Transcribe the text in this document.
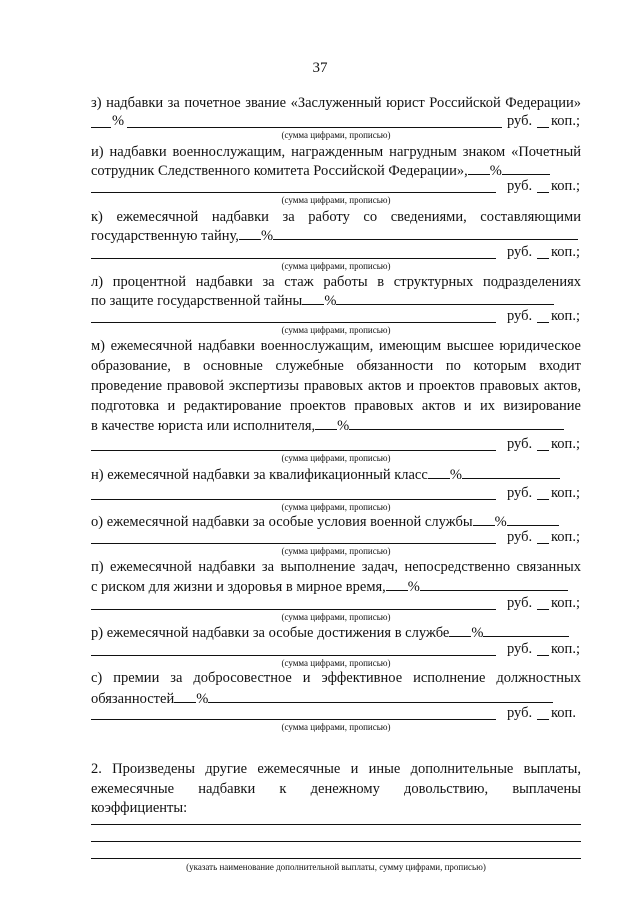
37
з) надбавки за почетное звание «Заслуженный юрист Российской Федерации»
%	руб. коп.;
(сумма цифрами, прописью)
и) надбавки военнослужащим, награжденным нагрудным знаком «Почетный
сотрудник Следственного комитета Российской Федерации», %
руб. коп.;
(сумма цифрами, прописью)
к) ежемесячной надбавки за работу со сведениями, составляющими
государственную тайну, %
руб. коп.;
(сумма цифрами, прописью)
л) процентной надбавки за стаж работы в структурных подразделениях
по защите государственной тайны %
руб. коп.;
(сумма цифрами, прописью)
м) ежемесячной надбавки военнослужащим, имеющим высшее юридическое
образование, в основные служебные обязанности по которым входит
проведение правовой экспертизы правовых актов и проектов правовых актов,
подготовка и редактирование проектов правовых актов и их визирование
в качестве юриста или исполнителя, %
руб. коп.;
(сумма цифрами, прописью)
н) ежемесячной надбавки за квалификационный класс %
руб. коп.;
(сумма цифрами, прописью)
о) ежемесячной надбавки за особые условия военной службы %
руб. коп.;
(сумма цифрами, прописью)
п) ежемесячной надбавки за выполнение задач, непосредственно связанных
с риском для жизни и здоровья в мирное время, %
руб. коп.;
(сумма цифрами, прописью)
р) ежемесячной надбавки за особые достижения в службе %
руб. коп.;
(сумма цифрами, прописью)
с) премии за добросовестное и эффективное исполнение должностных
обязанностей %
руб. коп.
(сумма цифрами, прописью)
2. Произведены другие ежемесячные и иные дополнительные выплаты,
ежемесячные надбавки к денежному довольствию, выплачены
коэффициенты:
(указать наименование дополнительной выплаты, сумму цифрами, прописью)
